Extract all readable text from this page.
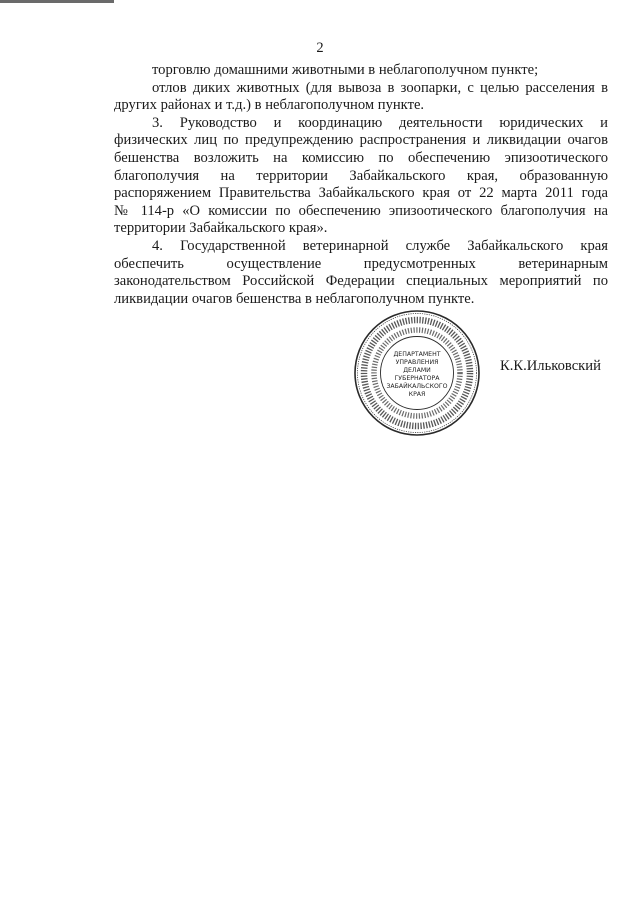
2

торговлю домашними животными в неблагополучном пункте;

отлов диких животных (для вывоза в зоопарки, с целью расселения в
других районах и т.д.) в неблагополучном пункте.
3. Руководство и координацию деятельности юридических и
физических лиц по предупреждению распространения и ликвидации очагов
бешенства возложить на комиссию по обеспечению эпизоотического
благополучия на территории Забайкальского края, образованную
распоряжением Правительства Забайкальского края от 22 марта 2011 года
№ 114-р «О комиссии по обеспечению эпизоотического благополучия на
территории Забайкальского края».
4. Государственной ветеринарной службе Забайкальского края
обеспечить осуществление предусмотренных ветеринарным
законодательством Российской Федерации специальных мероприятий по
ликвидации очагов бешенства в неблагополучном пункте.
ДЕПАРТАМЕНТ
УПРАВЛЕНИЯ
ДЕЛАМИ
ГУБЕРНАТОРА
ЗАБАЙКАЛЬСКОГО
КРАЯ
К.К.Ильковский
